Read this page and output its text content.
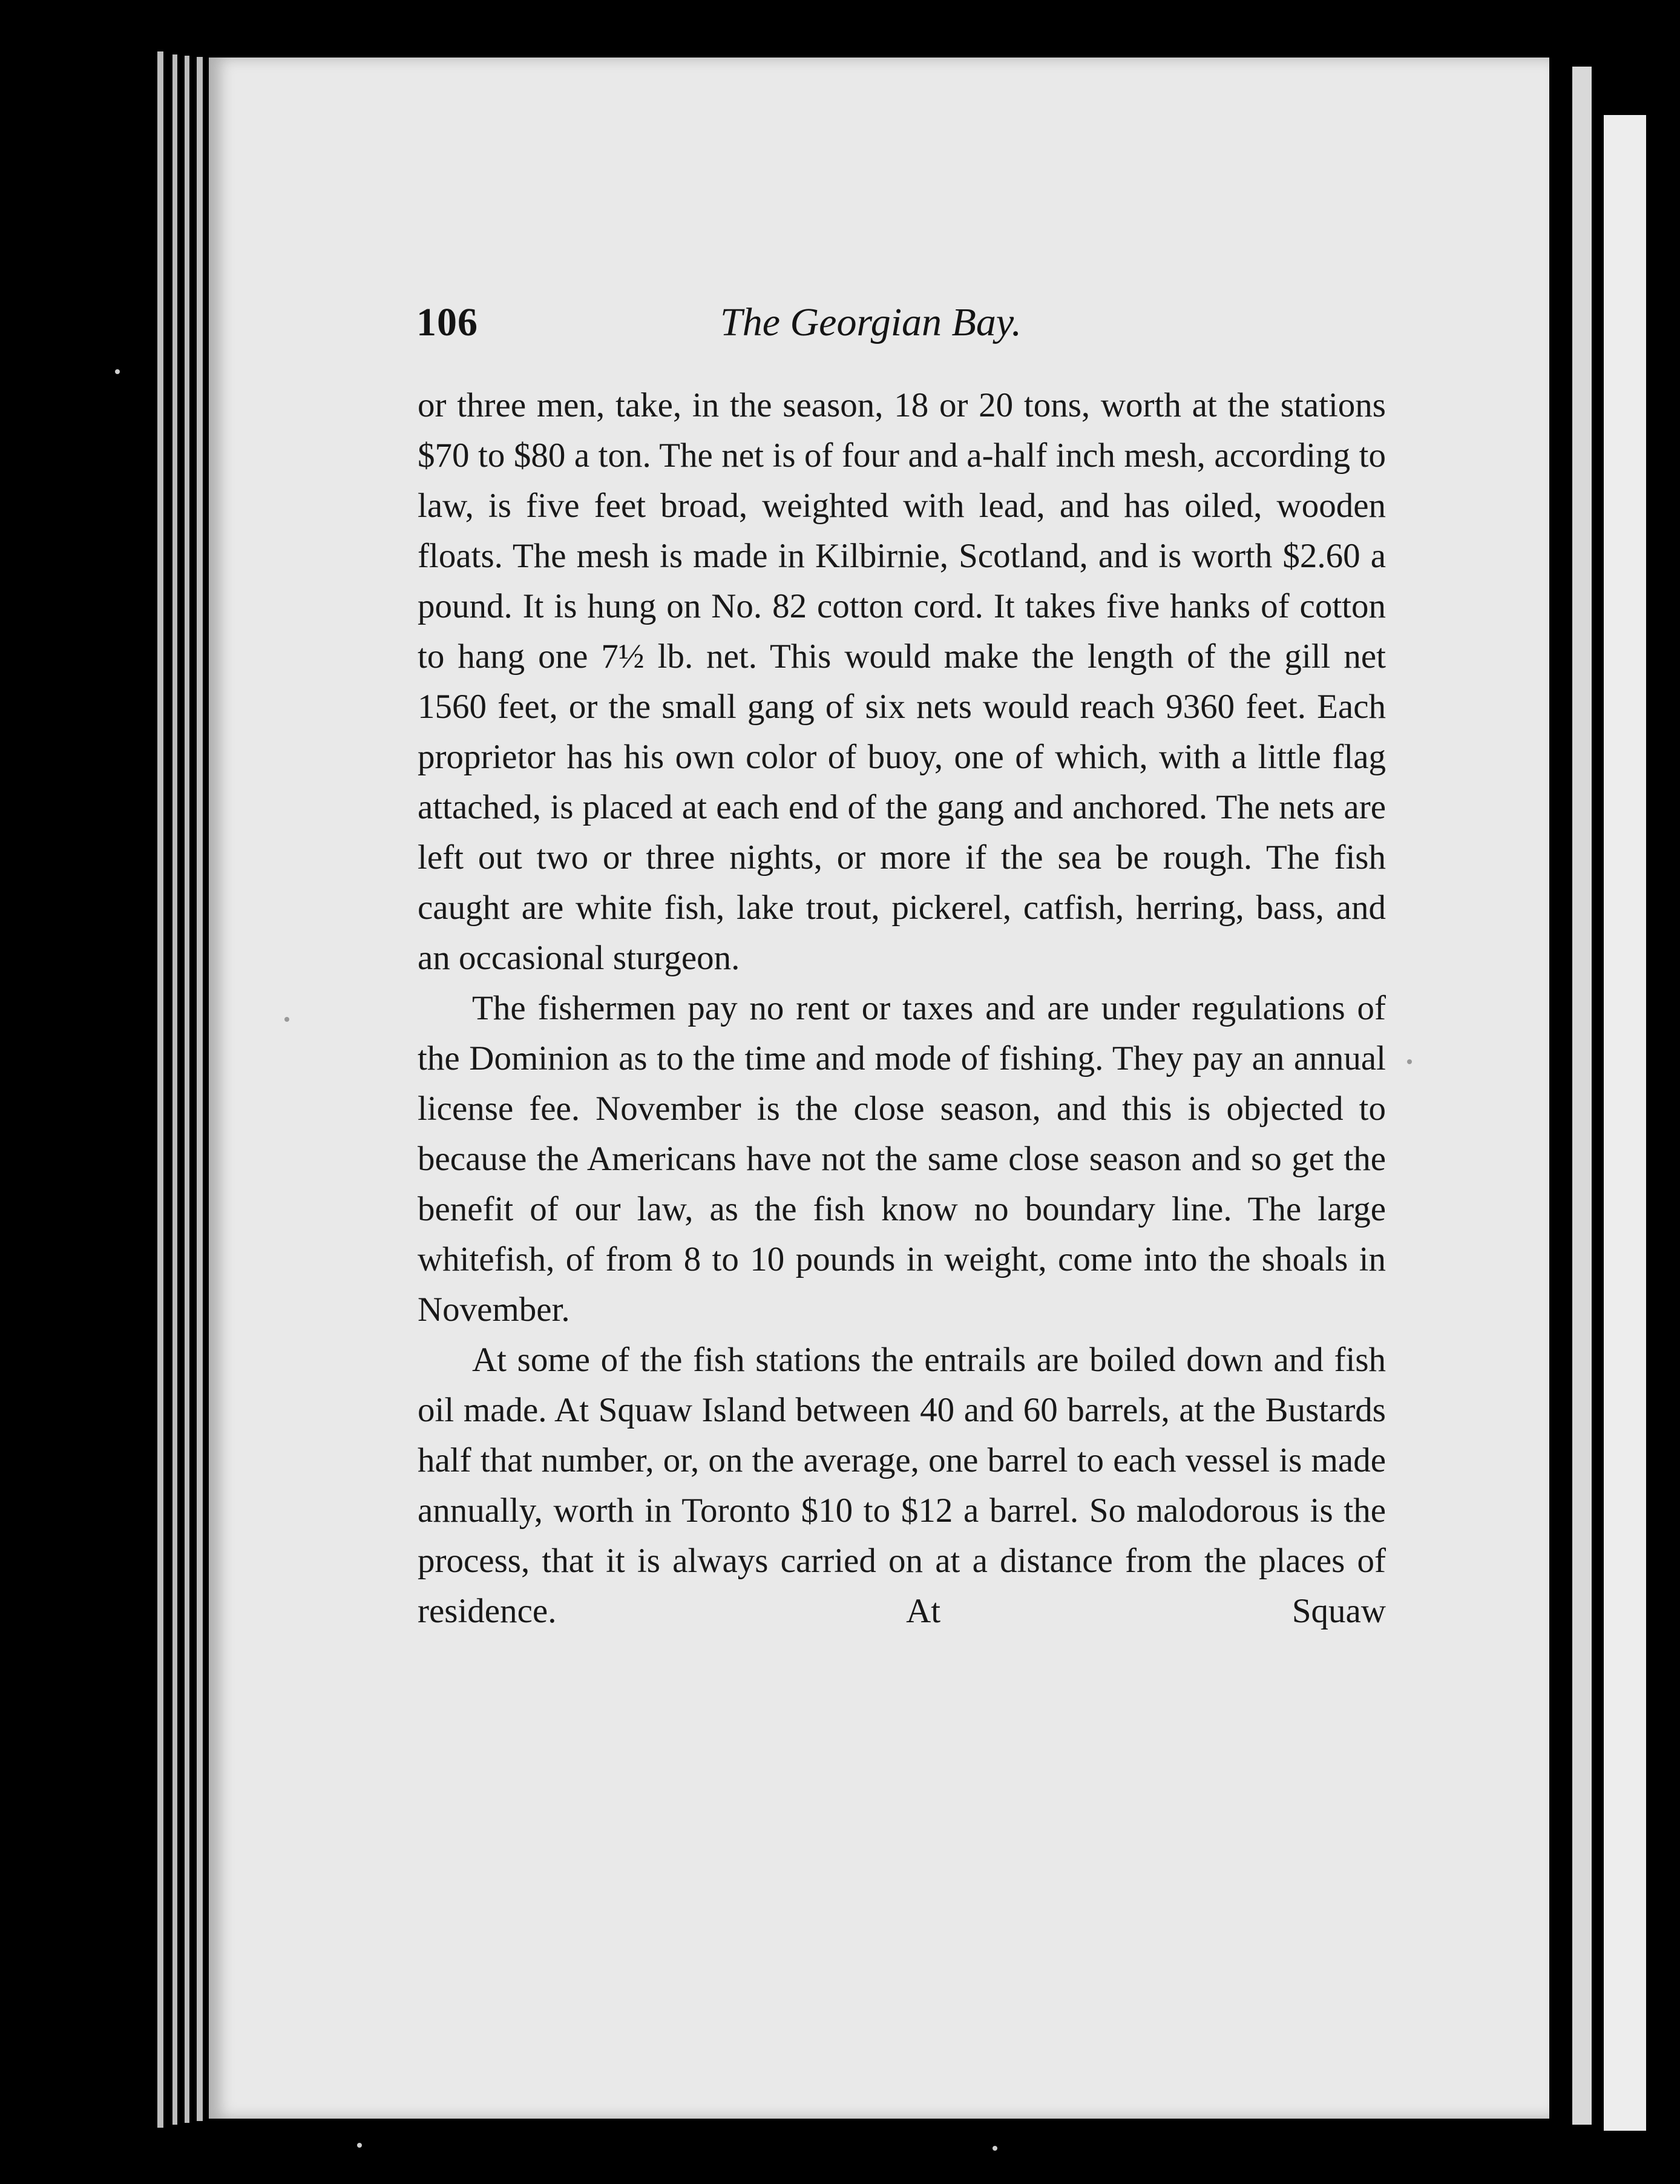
106	The Georgian Bay.

or three men, take, in the season, 18 or 20 tons, worth at the stations $70 to $80 a ton. The net is of four and a-half inch mesh, according to law, is five feet broad, weighted with lead, and has oiled, wooden floats. The mesh is made in Kilbirnie, Scotland, and is worth $2.60 a pound. It is hung on No. 82 cotton cord. It takes five hanks of cotton to hang one 7½ lb. net. This would make the length of the gill net 1560 feet, or the small gang of six nets would reach 9360 feet. Each proprietor has his own color of buoy, one of which, with a little flag attached, is placed at each end of the gang and anchored. The nets are left out two or three nights, or more if the sea be rough. The fish caught are white fish, lake trout, pickerel, catfish, herring, bass, and an occasional sturgeon.

The fishermen pay no rent or taxes and are under regulations of the Dominion as to the time and mode of fishing. They pay an annual license fee. November is the close season, and this is objected to because the Americans have not the same close season and so get the benefit of our law, as the fish know no boundary line. The large whitefish, of from 8 to 10 pounds in weight, come into the shoals in November.

At some of the fish stations the entrails are boiled down and fish oil made. At Squaw Island between 40 and 60 barrels, at the Bustards half that number, or, on the average, one barrel to each vessel is made annually, worth in Toronto $10 to $12 a barrel. So malodorous is the process, that it is always carried on at a distance from the places of residence. At Squaw
